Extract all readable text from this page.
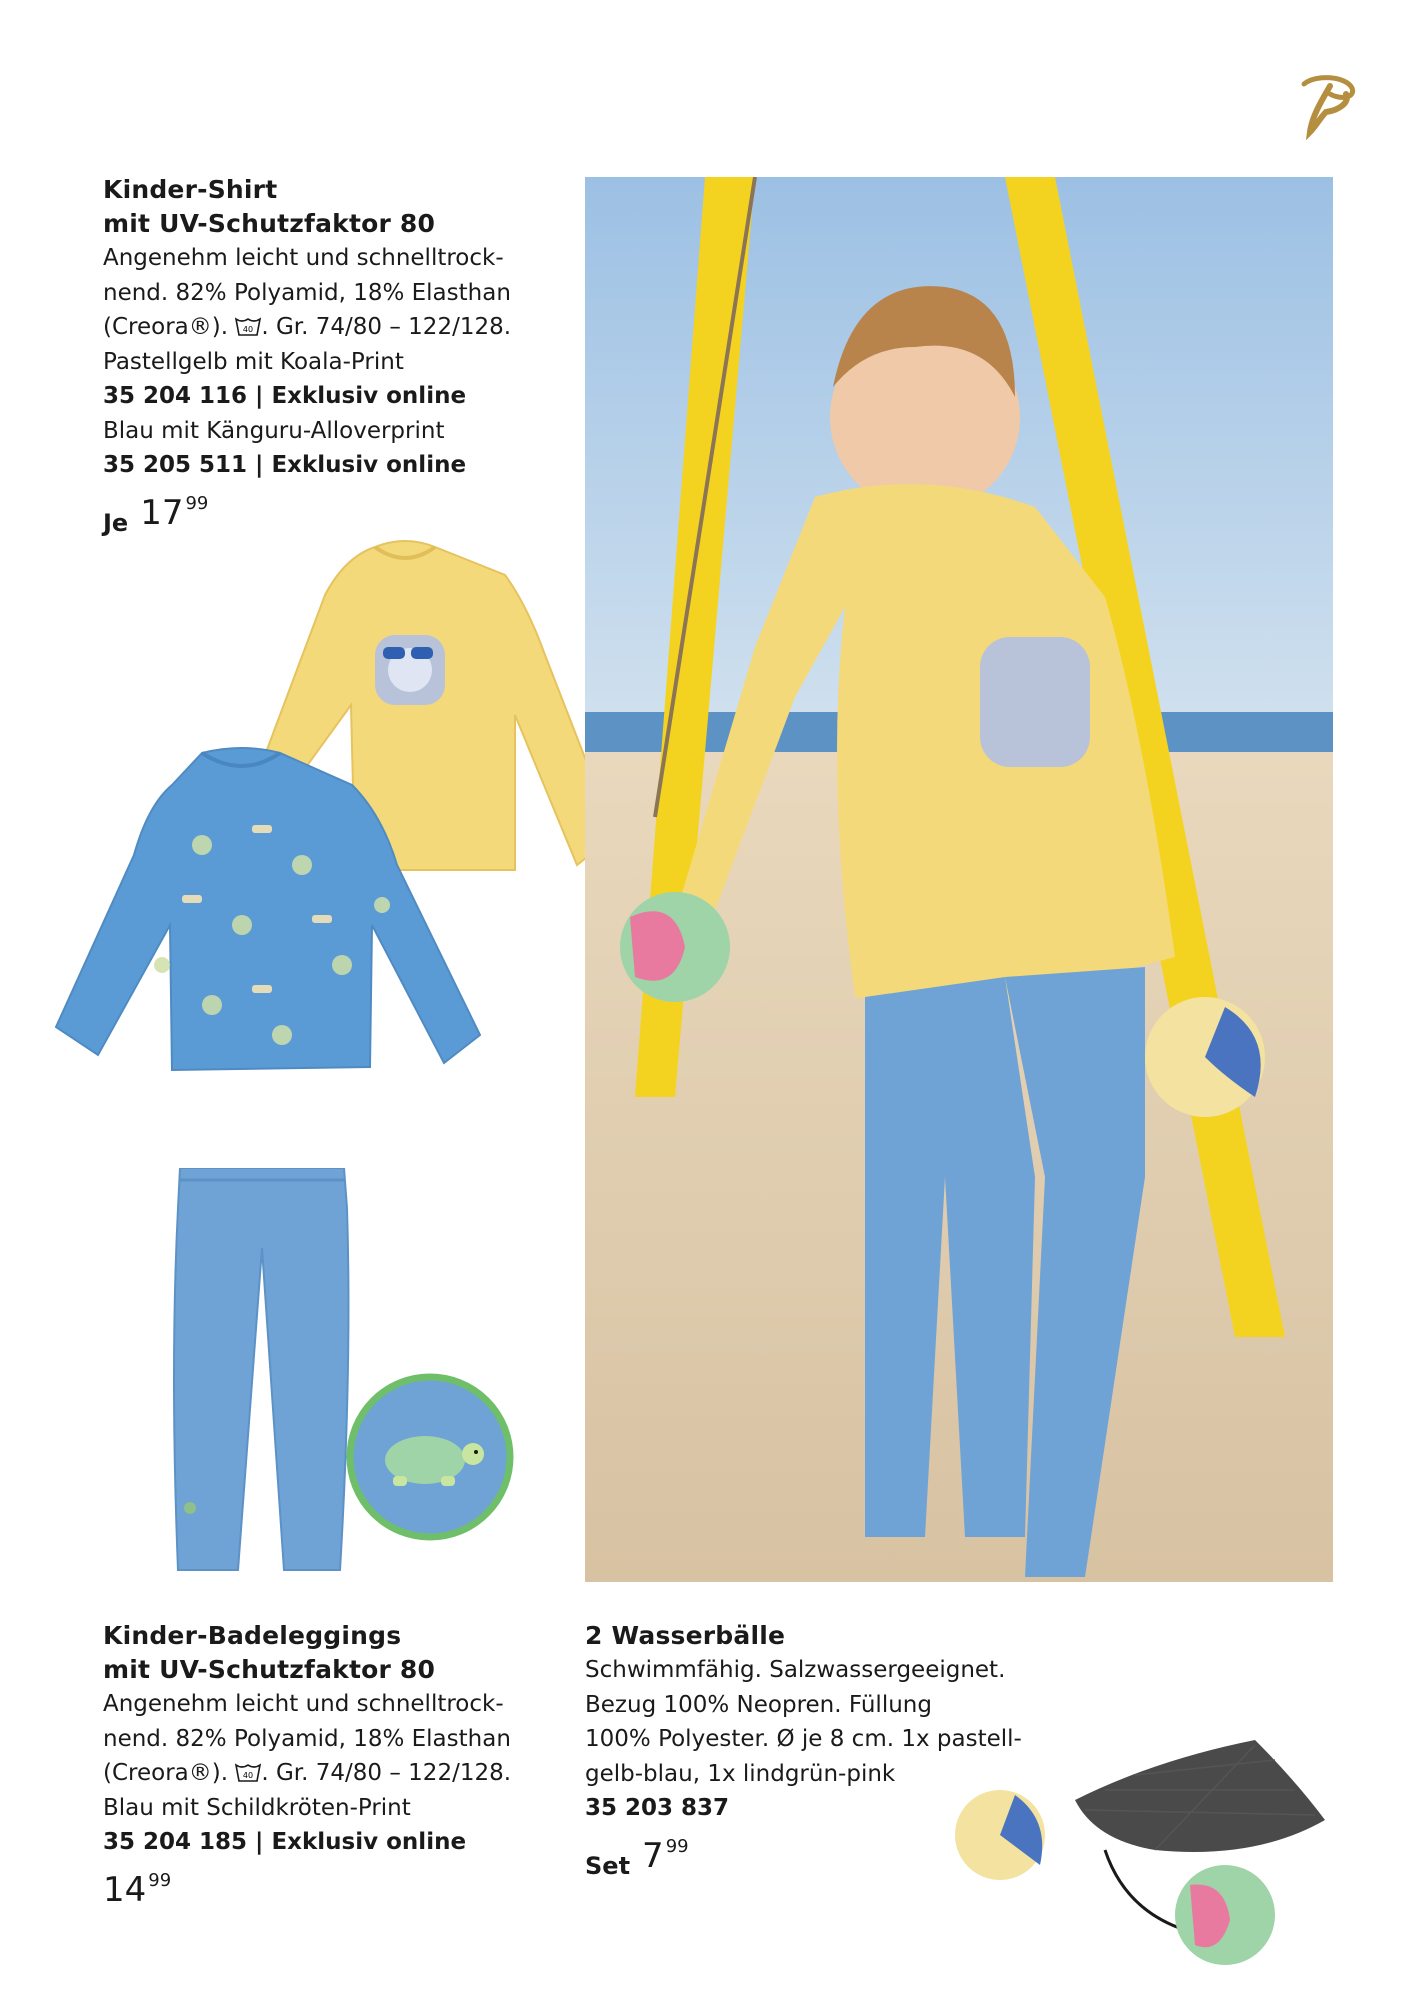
Kinder-Shirt

mit UV-Schutzfaktor 80

Angenehm leicht und schnelltrock-

nend. 82% Polyamid, 18% Elasthan

(Creora®). 40 . Gr. 74/80 – 122/128.

Pastellgelb mit Koala-Print

35 204 116 | Exklusiv online

Blau mit Känguru-Alloverprint

35 205 511 | Exklusiv online

Je $17^{99}$

Kinder-Badeleggings

mit UV-Schutzfaktor 80

Angenehm leicht und schnelltrock-

nend. 82% Polyamid, 18% Elasthan

(Creora®). 40 . Gr. 74/80 – 122/128.

Blau mit Schildkröten-Print

35 204 185 | Exklusiv online

$14^{99}$

2 Wasserbälle

Schwimmfähig. Salzwassergeeignet.

Bezug 100% Neopren. Füllung

100% Polyester. Ø je 8 cm. 1x pastell-

gelb-blau, 1x lindgrün-pink

35 203 837

Set $7^{99}$
